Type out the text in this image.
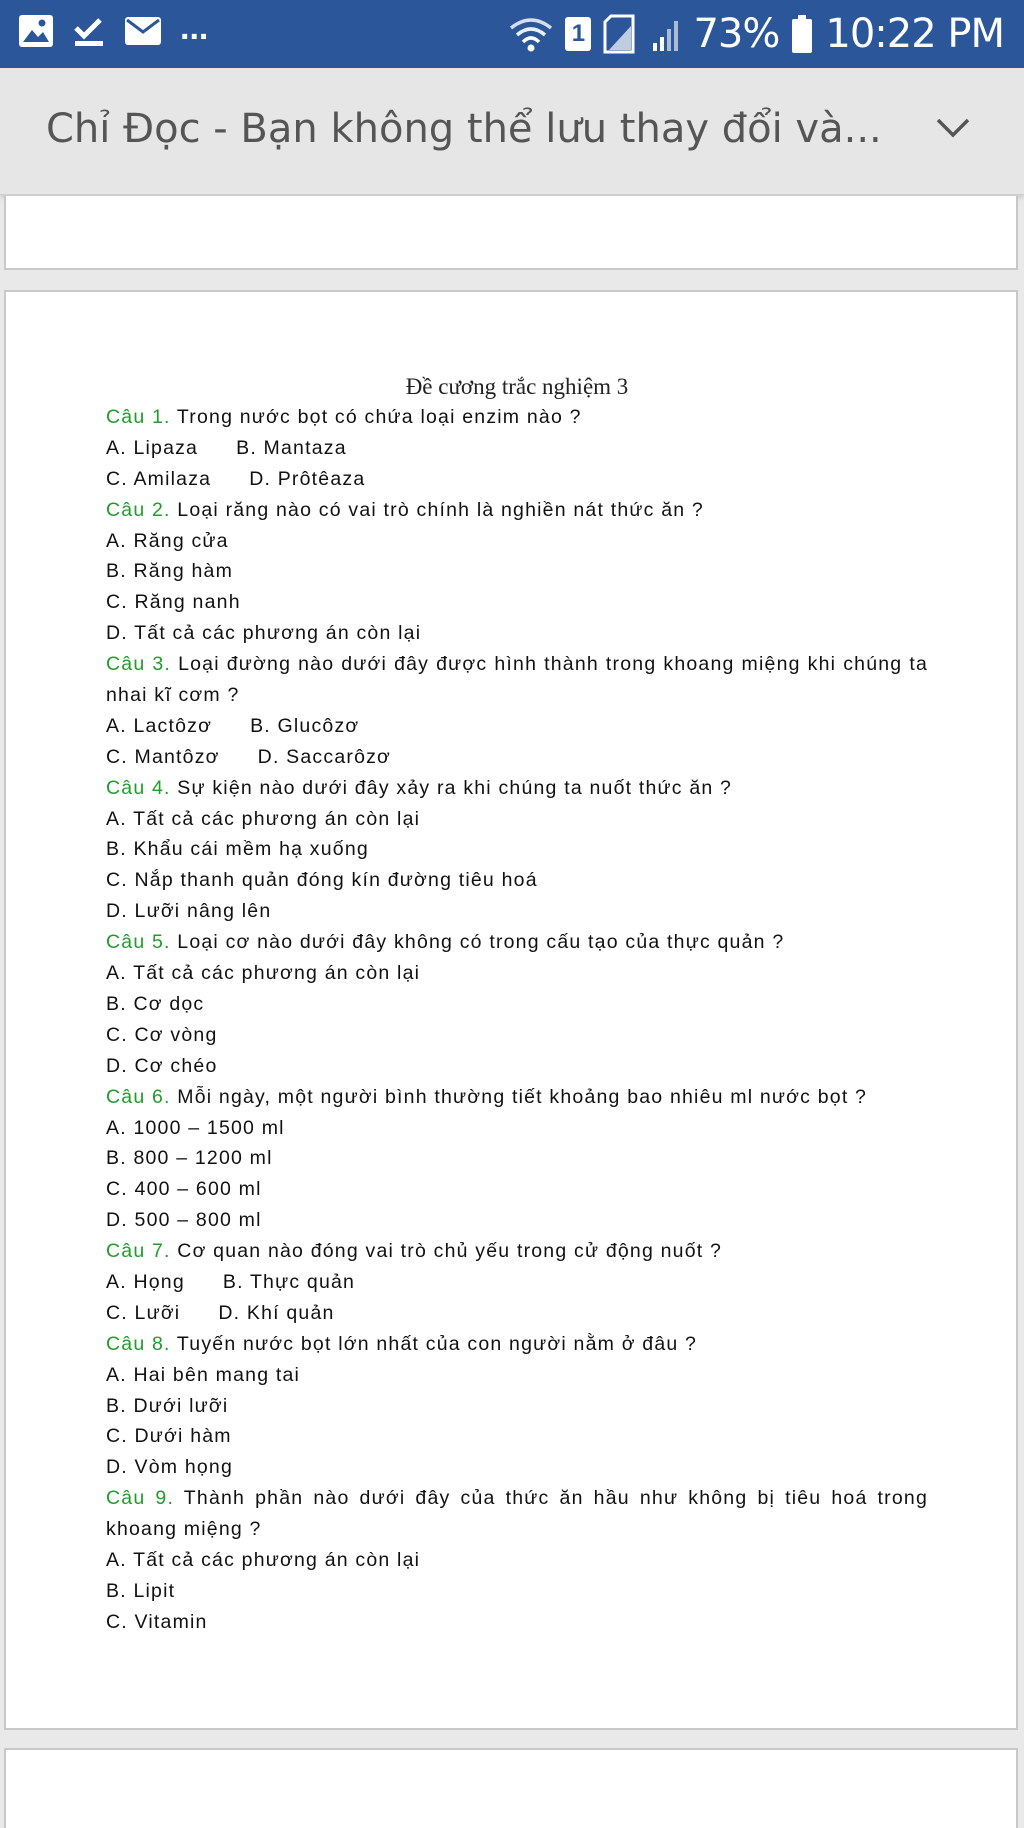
...	1	73% 10:22 PM
Chỉ Đọc - Bạn không thể lưu thay đổi và...
Đề cương trắc nghiệm 3
Câu 1. Trong nước bọt có chứa loại enzim nào ?
A. Lipaza B. Mantaza
C. Amilaza D. Prôtêaza
Câu 2. Loại răng nào có vai trò chính là nghiền nát thức ăn ?
A. Răng cửa
B. Răng hàm
C. Răng nanh
D. Tất cả các phương án còn lại
Câu 3. Loại đường nào dưới đây được hình thành trong khoang miệng khi chúng ta nhai kĩ cơm ?
A. Lactôzơ B. Glucôzơ
C. Mantôzơ D. Saccarôzơ
Câu 4. Sự kiện nào dưới đây xảy ra khi chúng ta nuốt thức ăn ?
A. Tất cả các phương án còn lại
B. Khẩu cái mềm hạ xuống
C. Nắp thanh quản đóng kín đường tiêu hoá
D. Lưỡi nâng lên
Câu 5. Loại cơ nào dưới đây không có trong cấu tạo của thực quản ?
A. Tất cả các phương án còn lại
B. Cơ dọc
C. Cơ vòng
D. Cơ chéo
Câu 6. Mỗi ngày, một người bình thường tiết khoảng bao nhiêu ml nước bọt ?
A. 1000 – 1500 ml
B. 800 – 1200 ml
C. 400 – 600 ml
D. 500 – 800 ml
Câu 7. Cơ quan nào đóng vai trò chủ yếu trong cử động nuốt ?
A. Họng B. Thực quản
C. Lưỡi D. Khí quản
Câu 8. Tuyến nước bọt lớn nhất của con người nằm ở đâu ?
A. Hai bên mang tai
B. Dưới lưỡi
C. Dưới hàm
D. Vòm họng
Câu 9. Thành phần nào dưới đây của thức ăn hầu như không bị tiêu hoá trong khoang miệng ?
A. Tất cả các phương án còn lại
B. Lipit
C. Vitamin
